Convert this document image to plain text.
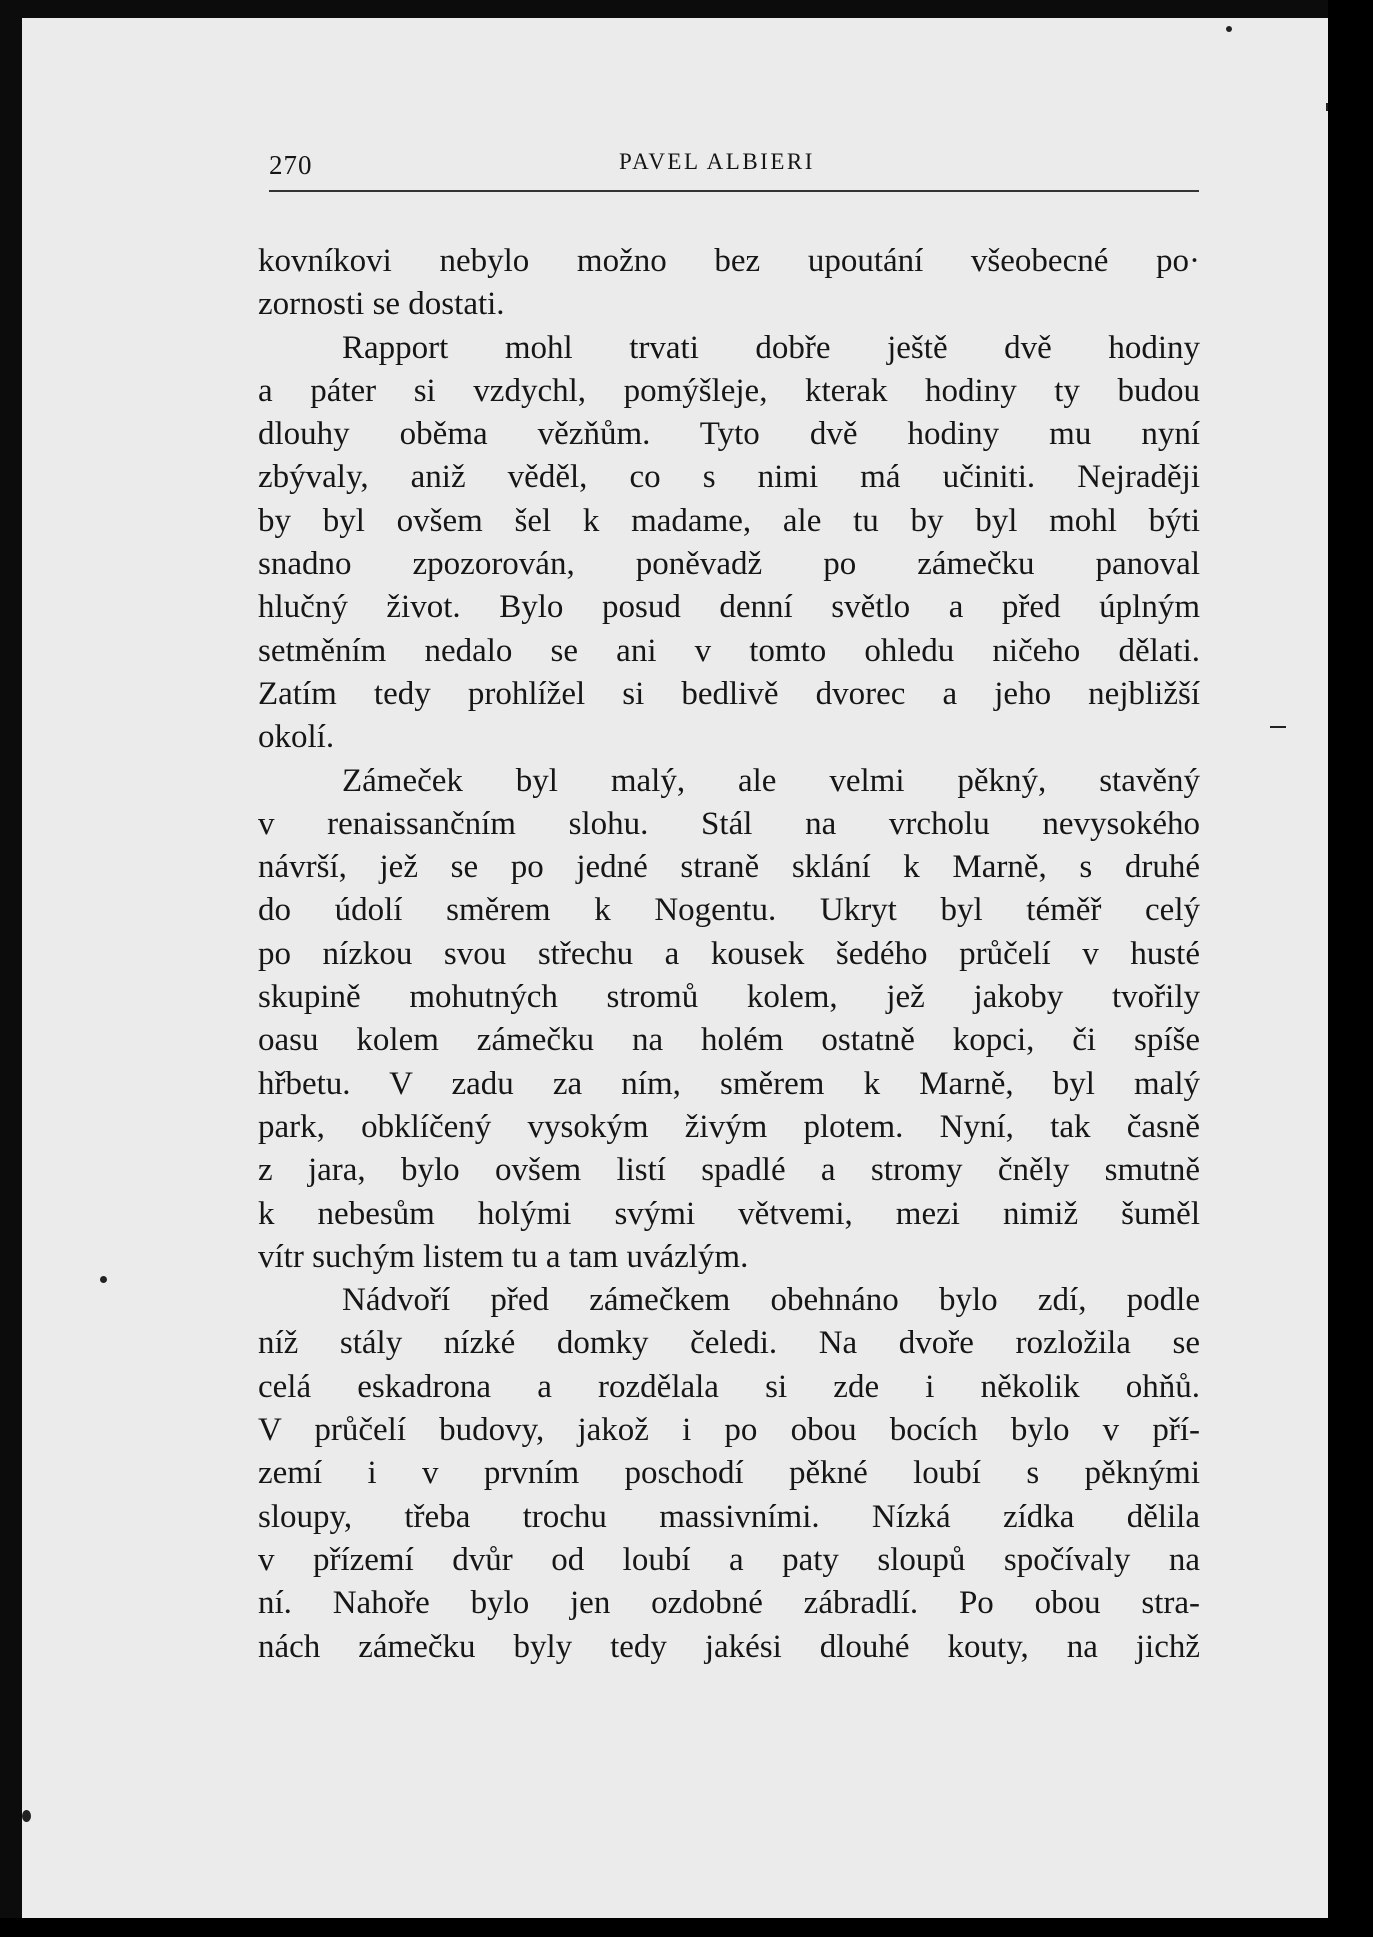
270	PAVEL ALBIERI
kovníkovi nebylo možno bez upoutání všeobecné po·
zornosti se dostati.
Rapport mohl trvati dobře ještě dvě hodiny
a páter si vzdychl, pomýšleje, kterak hodiny ty budou
dlouhy oběma vězňům. Tyto dvě hodiny mu nyní
zbývaly, aniž věděl, co s nimi má učiniti. Nejraději
by byl ovšem šel k madame, ale tu by byl mohl býti
snadno zpozorován, poněvadž po zámečku panoval
hlučný život. Bylo posud denní světlo a před úplným
setměním nedalo se ani v tomto ohledu ničeho dělati.
Zatím tedy prohlížel si bedlivě dvorec a jeho nejbližší
okolí.
Zámeček byl malý, ale velmi pěkný, stavěný
v renaissančním slohu. Stál na vrcholu nevysokého
návrší, jež se po jedné straně sklání k Marně, s druhé
do údolí směrem k Nogentu. Ukryt byl téměř celý
po nízkou svou střechu a kousek šedého průčelí v husté
skupině mohutných stromů kolem, jež jakoby tvořily
oasu kolem zámečku na holém ostatně kopci, či spíše
hřbetu. V zadu za ním, směrem k Marně, byl malý
park, obklíčený vysokým živým plotem. Nyní, tak časně
z jara, bylo ovšem listí spadlé a stromy čněly smutně
k nebesům holými svými větvemi, mezi nimiž šuměl
vítr suchým listem tu a tam uvázlým.
Nádvoří před zámečkem obehnáno bylo zdí, podle
níž stály nízké domky čeledi. Na dvoře rozložila se
celá eskadrona a rozdělala si zde i několik ohňů.
V průčelí budovy, jakož i po obou bocích bylo v pří-
zemí i v prvním poschodí pěkné loubí s pěknými
sloupy, třeba trochu massivními. Nízká zídka dělila
v přízemí dvůr od loubí a paty sloupů spočívaly na
ní. Nahoře bylo jen ozdobné zábradlí. Po obou stra-
nách zámečku byly tedy jakési dlouhé kouty, na jichž
